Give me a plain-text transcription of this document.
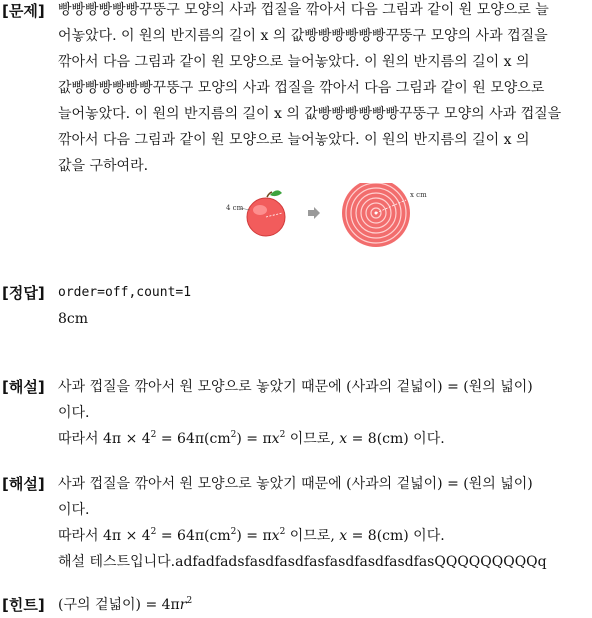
[문제] 빵빵빵빵빵빵꾸뚱구 모양의 사과 껍질을 깎아서 다음 그림과 같이 원 모양으로 늘
어놓았다. 이 원의 반지름의 길이 x 의 값빵빵빵빵빵빵꾸뚱구 모양의 사과 껍질을
깎아서 다음 그림과 같이 원 모양으로 늘어놓았다. 이 원의 반지름의 길이 x 의
값빵빵빵빵빵빵꾸뚱구 모양의 사과 껍질을 깎아서 다음 그림과 같이 원 모양으로
늘어놓았다. 이 원의 반지름의 길이 x 의 값빵빵빵빵빵빵꾸뚱구 모양의 사과 껍질을
깎아서 다음 그림과 같이 원 모양으로 늘어놓았다. 이 원의 반지름의 길이 x 의
값을 구하여라.
4 cm
x cm
[정답] order=off,count=1
8cm
[해설] 사과 껍질을 깎아서 원 모양으로 놓았기 때문에 (사과의 겉넓이) = (원의 넓이)
이다.
따라서 $4\pi \times 4^2 = 64\pi(cm^2) = \pi x^2$ 이므로, x = 8(cm) 이다.
[해설] 사과 껍질을 깎아서 원 모양으로 놓았기 때문에 (사과의 겉넓이) = (원의 넓이)
이다.
따라서 $4\pi \times 4^2 = 64\pi(cm^2) = \pi x^2$ 이므로, x = 8(cm) 이다.
해설 테스트입니다.adfadfadsfasdfasdfasfasdfasdfasdfasQQQQQQQQQq
[힌트] (구의 겉넓이) = $4\pi r^2$
